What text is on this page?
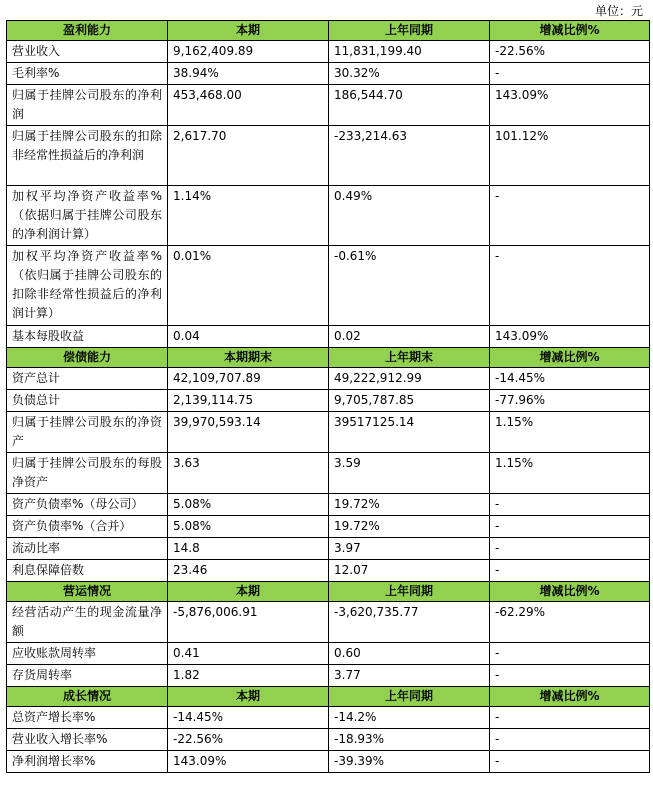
单位：元
盈利能力	本期	上年同期	增减比例%
营业收入	9,162,409.89	11,831,199.40	-22.56%
毛利率%	38.94%	30.32%	-
归属于挂牌公司股东的净利润	453,468.00	186,544.70	143.09%
归属于挂牌公司股东的扣除非经常性损益后的净利润	2,617.70	-233,214.63	101.12%
加权平均净资产收益率%（依据归属于挂牌公司股东的净利润计算）	1.14%	0.49%	-
加权平均净资产收益率%（依归属于挂牌公司股东的扣除非经常性损益后的净利润计算）	0.01%	-0.61%	-
基本每股收益	0.04	0.02	143.09%
偿债能力	本期期末	上年期末	增减比例%
资产总计	42,109,707.89	49,222,912.99	-14.45%
负债总计	2,139,114.75	9,705,787.85	-77.96%
归属于挂牌公司股东的净资产	39,970,593.14	39517125.14	1.15%
归属于挂牌公司股东的每股净资产	3.63	3.59	1.15%
资产负债率%（母公司）	5.08%	19.72%	-
资产负债率%（合并）	5.08%	19.72%	-
流动比率	14.8	3.97	-
利息保障倍数	23.46	12.07	-
营运情况	本期	上年同期	增减比例%
经营活动产生的现金流量净额	-5,876,006.91	-3,620,735.77	-62.29%
应收账款周转率	0.41	0.60	-
存货周转率	1.82	3.77	-
成长情况	本期	上年同期	增减比例%
总资产增长率%	-14.45%	-14.2%	-
营业收入增长率%	-22.56%	-18.93%	-
净利润增长率%	143.09%	-39.39%	-
